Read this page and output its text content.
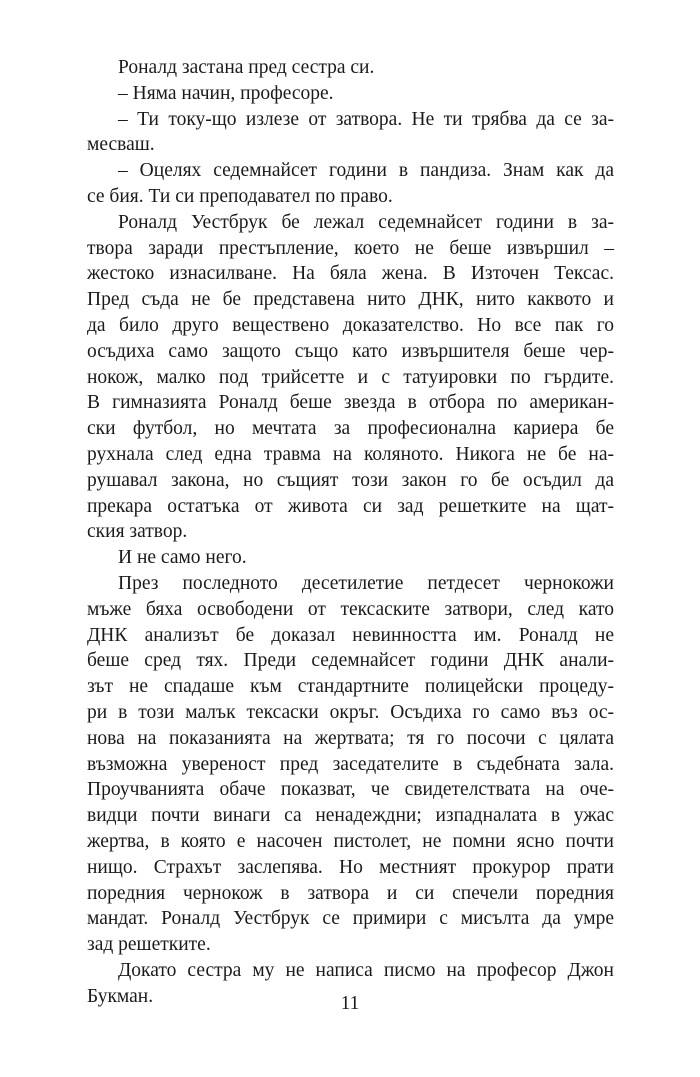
Роналд застана пред сестра си.
– Няма начин, професоре.
– Ти току-що излезе от затвора. Не ти трябва да се за-
месваш.
– Оцелях седемнайсет години в пандиза. Знам как да
се бия. Ти си преподавател по право.
Роналд Уестбрук бе лежал седемнайсет години в за-
твора заради престъпление, което не беше извършил –
жестоко изнасилване. На бяла жена. В Източен Тексас.
Пред съда не бе представена нито ДНК, нито каквото и
да било друго веществено доказателство. Но все пак го
осъдиха само защото също като извършителя беше чер-
нокож, малко под трийсетте и с татуировки по гърдите.
В гимназията Роналд беше звезда в отбора по американ-
ски футбол, но мечтата за професионална кариера бе
рухнала след една травма на коляното. Никога не бе на-
рушавал закона, но същият този закон го бе осъдил да
прекара остатъка от живота си зад решетките на щат-
ския затвор.
И не само него.
През последното десетилетие петдесет чернокожи
мъже бяха освободени от тексаските затвори, след като
ДНК анализът бе доказал невинността им. Роналд не
беше сред тях. Преди седемнайсет години ДНК анали-
зът не спадаше към стандартните полицейски процеду-
ри в този малък тексаски окръг. Осъдиха го само въз ос-
нова на показанията на жертвата; тя го посочи с цялата
възможна увереност пред заседателите в съдебната зала.
Проучванията обаче показват, че свидетелствата на оче-
видци почти винаги са ненадеждни; изпадналата в ужас
жертва, в която е насочен пистолет, не помни ясно почти
нищо. Страхът заслепява. Но местният прокурор прати
поредния чернокож в затвора и си спечели поредния
мандат. Роналд Уестбрук се примири с мисълта да умре
зад решетките.
Докато сестра му не написа писмо на професор Джон
Букман.	11
